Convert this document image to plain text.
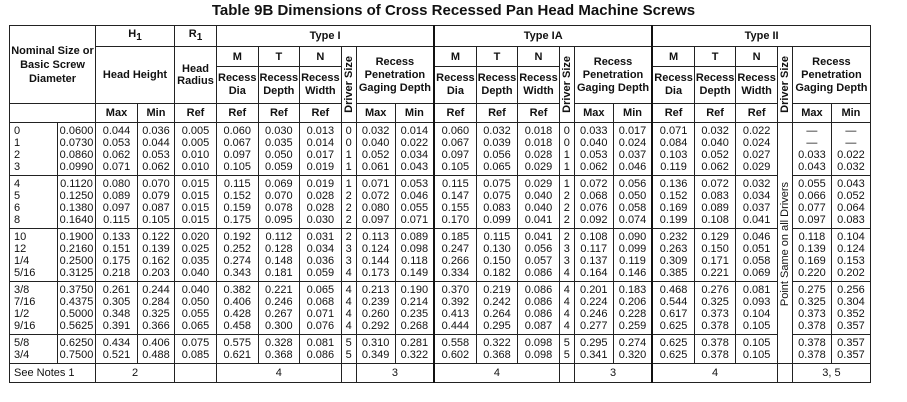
Table 9B Dimensions of Cross Recessed Pan Head Machine Screws
Nominal Size or Basic Screw Diameter		$H_1$		$R_1$	Type I						Type IA						Type II					
		Head Height		Head Radius	M	T	N	Driver Size	Recess Penetration Gaging Depth		M	T	N	Driver Size	Recess Penetration Gaging Depth		M	T	N	Driver Size	Recess Penetration Gaging Depth	
					Recess Dia	Recess Depth	Recess Width				Recess Dia	Recess Depth	Recess Width				Recess Dia	Recess Depth	Recess Width			
		Max	Min	Ref	Ref	Ref	Ref		Max	Min	Ref	Ref	Ref		Max	Min	Ref	Ref	Ref		Max	Min
0	0.0600	0.044	0.036	0.005	0.060	0.030	0.013	0	0.032	0.014	0.060	0.032	0.018	0	0.033	0.017	0.071	0.032	0.022	Point Same on all Drivers	—	—
1	0.0730	0.053	0.044	0.005	0.067	0.035	0.014	0	0.040	0.022	0.067	0.039	0.018	0	0.040	0.024	0.084	0.040	0.024		—	—
2	0.0860	0.062	0.053	0.010	0.097	0.050	0.017	1	0.052	0.034	0.097	0.056	0.028	1	0.053	0.037	0.103	0.052	0.027		0.033	0.022
3	0.0990	0.071	0.062	0.010	0.105	0.059	0.019	1	0.061	0.043	0.105	0.065	0.029	1	0.062	0.046	0.119	0.062	0.029		0.043	0.032
4	0.1120	0.080	0.070	0.015	0.115	0.069	0.019	1	0.071	0.053	0.115	0.075	0.029	1	0.072	0.056	0.136	0.072	0.032		0.055	0.043
5	0.1250	0.089	0.079	0.015	0.152	0.070	0.028	2	0.072	0.046	0.147	0.075	0.040	2	0.068	0.050	0.152	0.083	0.034		0.066	0.052
6	0.1380	0.097	0.087	0.015	0.159	0.078	0.028	2	0.080	0.055	0.155	0.083	0.040	2	0.076	0.058	0.169	0.089	0.037		0.077	0.064
8	0.1640	0.115	0.105	0.015	0.175	0.095	0.030	2	0.097	0.071	0.170	0.099	0.041	2	0.092	0.074	0.199	0.108	0.041		0.097	0.083
10	0.1900	0.133	0.122	0.020	0.192	0.112	0.031	2	0.113	0.089	0.185	0.115	0.041	2	0.108	0.090	0.232	0.129	0.046		0.118	0.104
12	0.2160	0.151	0.139	0.025	0.252	0.128	0.034	3	0.124	0.098	0.247	0.130	0.056	3	0.117	0.099	0.263	0.150	0.051		0.139	0.124
1/4	0.2500	0.175	0.162	0.035	0.274	0.148	0.036	3	0.144	0.118	0.266	0.150	0.057	3	0.137	0.119	0.309	0.171	0.058		0.169	0.153
5/16	0.3125	0.218	0.203	0.040	0.343	0.181	0.059	4	0.173	0.149	0.334	0.182	0.086	4	0.164	0.146	0.385	0.221	0.069		0.220	0.202
3/8	0.3750	0.261	0.244	0.040	0.382	0.221	0.065	4	0.213	0.190	0.370	0.219	0.086	4	0.201	0.183	0.468	0.276	0.081		0.275	0.256
7/16	0.4375	0.305	0.284	0.050	0.406	0.246	0.068	4	0.239	0.214	0.392	0.242	0.086	4	0.224	0.206	0.544	0.325	0.093		0.325	0.304
1/2	0.5000	0.348	0.325	0.055	0.428	0.267	0.071	4	0.260	0.235	0.413	0.264	0.086	4	0.246	0.228	0.617	0.373	0.104		0.373	0.352
9/16	0.5625	0.391	0.366	0.065	0.458	0.300	0.076	4	0.292	0.268	0.444	0.295	0.087	4	0.277	0.259	0.625	0.378	0.105		0.378	0.357
5/8	0.6250	0.434	0.406	0.075	0.575	0.328	0.081	5	0.310	0.281	0.558	0.322	0.098	5	0.295	0.274	0.625	0.378	0.105		0.378	0.357
3/4	0.7500	0.521	0.488	0.085	0.621	0.368	0.086	5	0.349	0.322	0.602	0.368	0.098	5	0.341	0.320	0.625	0.378	0.105		0.378	0.357
See Notes 1		2			4				3		4				3		4				3, 5	
